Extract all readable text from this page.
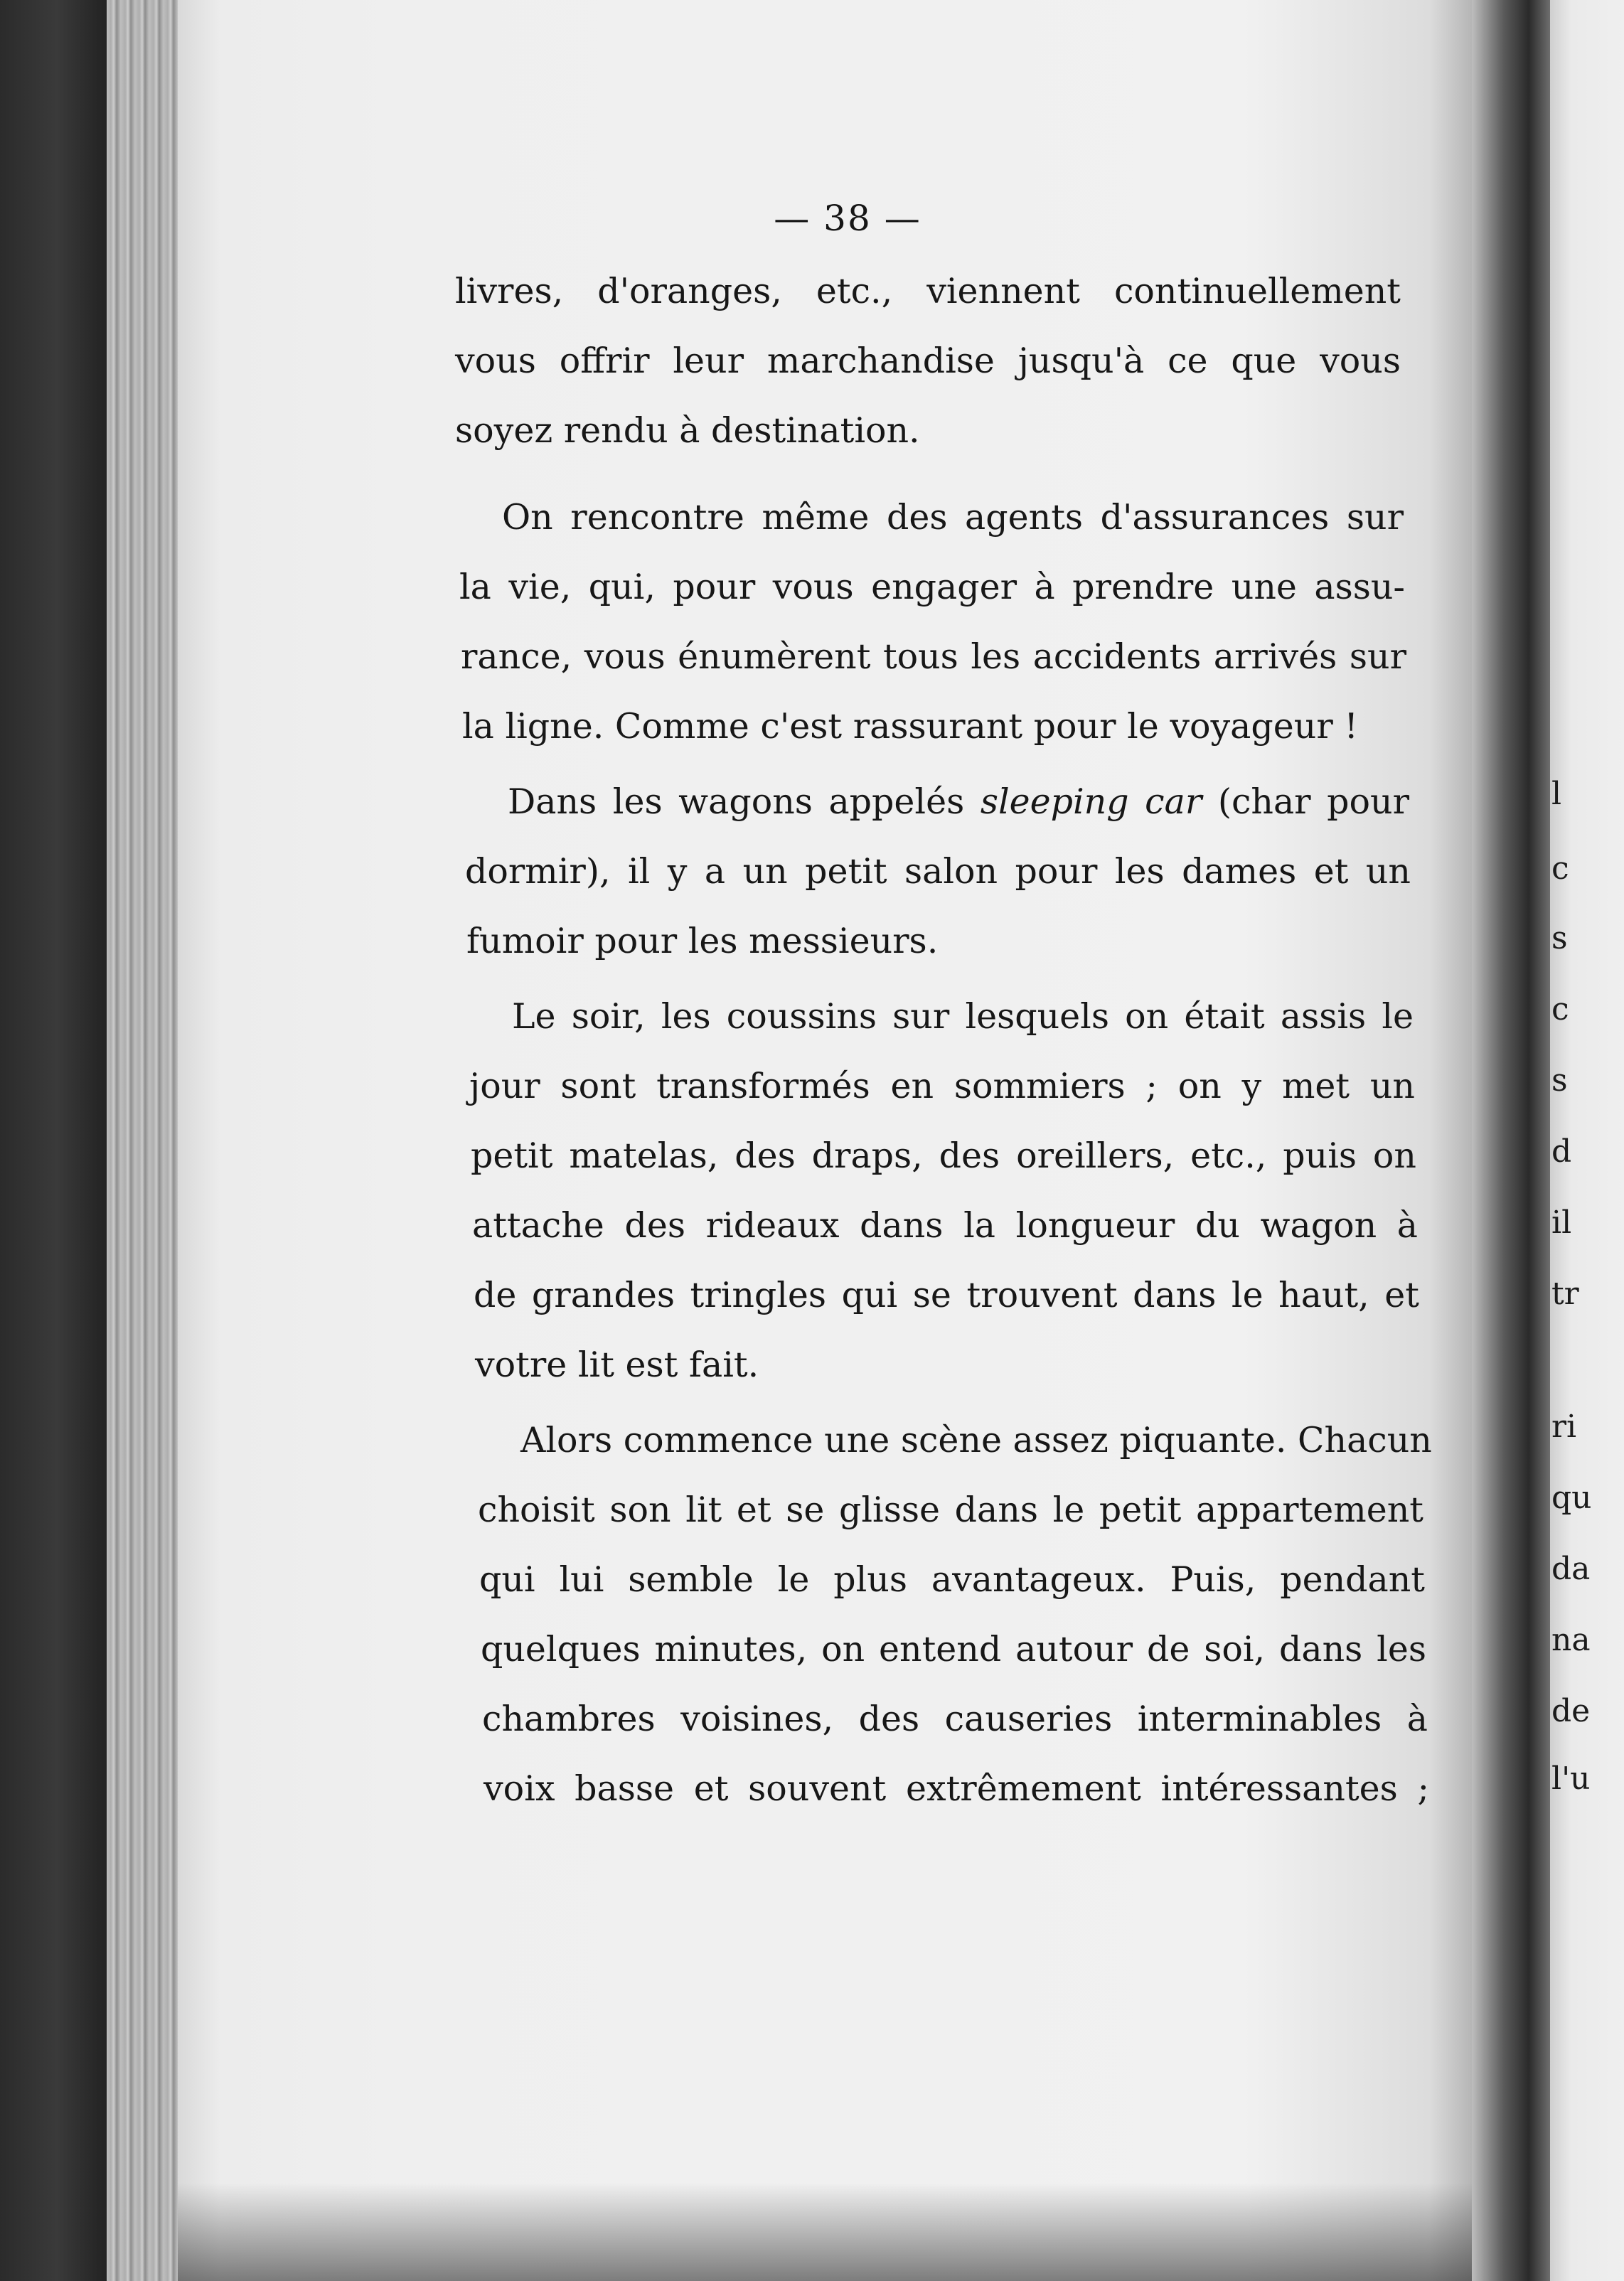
l
c
s
c
s
d
il
tr
ri
qu
da
na
de
l'u
— 38 —
livres, d'oranges, etc., viennent continuellement
vous offrir leur marchandise jusqu'à ce que vous
soyez rendu à destination.
On rencontre même des agents d'assurances sur
la vie, qui, pour vous engager à prendre une assu-
rance, vous énumèrent tous les accidents arrivés sur
la ligne. Comme c'est rassurant pour le voyageur !
Dans les wagons appelés sleeping car (char pour
dormir), il y a un petit salon pour les dames et un
fumoir pour les messieurs.
Le soir, les coussins sur lesquels on était assis le
jour sont transformés en sommiers ; on y met un
petit matelas, des draps, des oreillers, etc., puis on
attache des rideaux dans la longueur du wagon à
de grandes tringles qui se trouvent dans le haut, et
votre lit est fait.
Alors commence une scène assez piquante. Chacun
choisit son lit et se glisse dans le petit appartement
qui lui semble le plus avantageux. Puis, pendant
quelques minutes, on entend autour de soi, dans les
chambres voisines, des causeries interminables à
voix basse et souvent extrêmement intéressantes ;
